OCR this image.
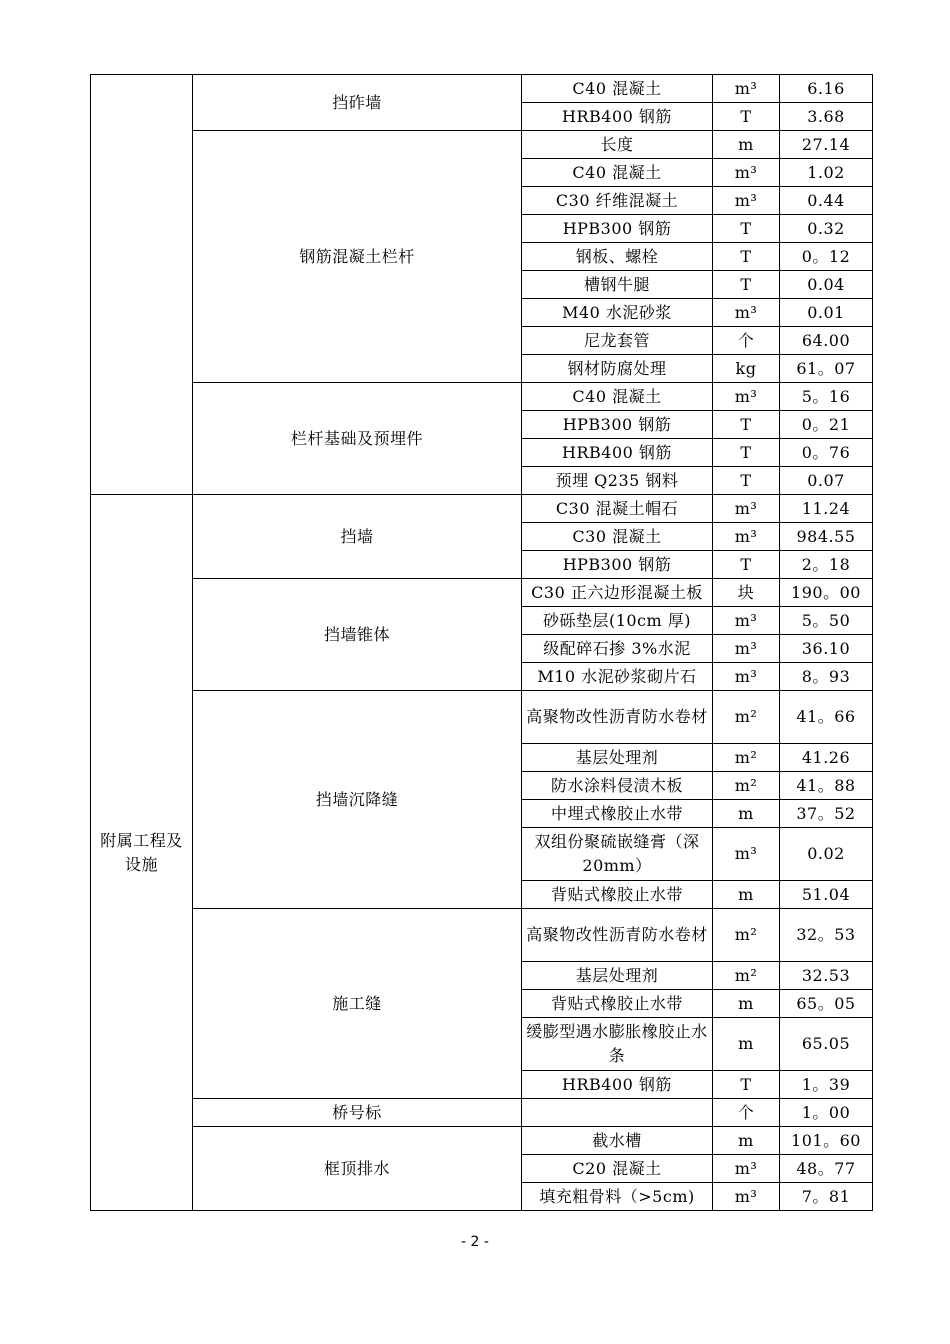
	挡砟墙	C40 混凝土	m³	6.16
		HRB400 钢筋	T	3.68
	钢筋混凝土栏杆	长度	m	27.14
		C40 混凝土	m³	1.02
		C30 纤维混凝土	m³	0.44
		HPB300 钢筋	T	0.32
		钢板、螺栓	T	0。12
		槽钢牛腿	T	0.04
		M40 水泥砂浆	m³	0.01
		尼龙套管	个	64.00
		钢材防腐处理	kg	61。07
	栏杆基础及预埋件	C40 混凝土	m³	5。16
		HPB300 钢筋	T	0。21
		HRB400 钢筋	T	0。76
		预埋 Q235 钢料	T	0.07
附属工程及设施	挡墙	C30 混凝土帽石	m³	11.24
		C30 混凝土	m³	984.55
		HPB300 钢筋	T	2。18
	挡墙锥体	C30 正六边形混凝土板	块	190。00
		砂砾垫层(10cm 厚)	m³	5。50
		级配碎石掺 3%水泥	m³	36.10
		M10 水泥砂浆砌片石	m³	8。93
	挡墙沉降缝	高聚物改性沥青防水卷材	m²	41。66
		基层处理剂	m²	41.26
		防水涂料侵渍木板	m²	41。88
		中埋式橡胶止水带	m	37。52
		双组份聚硫嵌缝膏（深20mm）	m³	0.02
		背贴式橡胶止水带	m	51.04
	施工缝	高聚物改性沥青防水卷材	m²	32。53
		基层处理剂	m²	32.53
		背贴式橡胶止水带	m	65。05
		缓膨型遇水膨胀橡胶止水条	m	65.05
		HRB400 钢筋	T	1。39
	桥号标		个	1。00
	框顶排水	截水槽	m	101。60
		C20 混凝土	m³	48。77
		填充粗骨料（>5cm)	m³	7。81
- 2 -
